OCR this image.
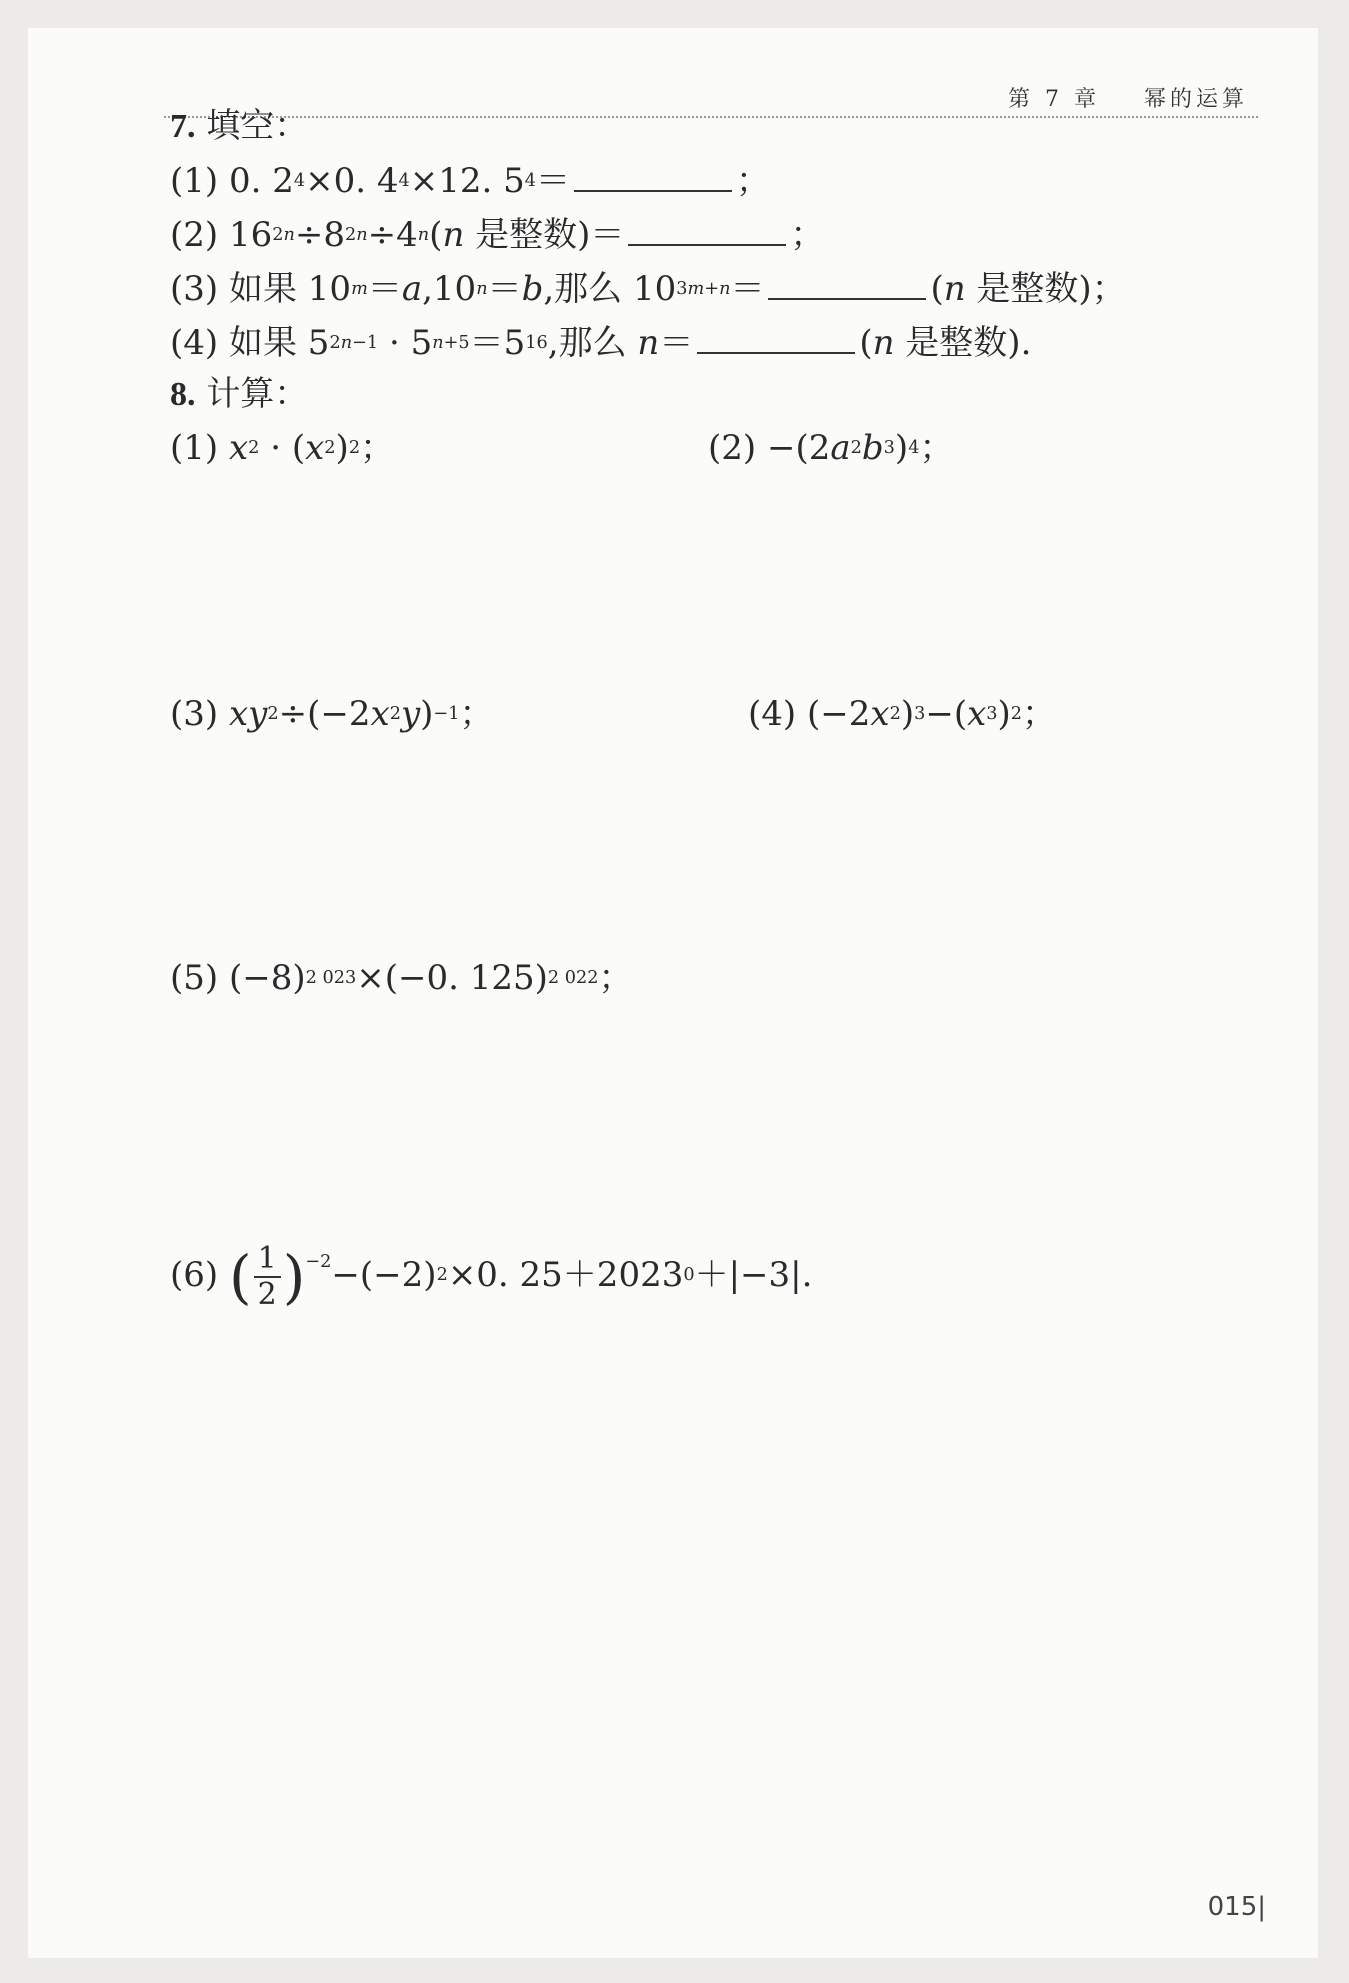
第 7 章 幂的运算
7. 填空：
(1) 0. $2^4\times 0$. $4^4\times 12$. $5^4=$	；
(2) $16^{2n}\div 8^{2n}\div 4^n(n$ 是整数)＝	；
(3) 如果 $10^m=a,10^n=b$,那么 $10^{3m+n}=$	(n 是整数)；
(4) 如果 $5^{2n-1} \cdot 5^{n+5}=5^{16}$,那么 n＝	(n 是整数).
8. 计算：
(1) $x^2 \cdot (x^2)^2$；	$(2) -(2a^2b^3)^4$；
(3) $xy^2\div(-2x^2y)^{-1}$；	(4) $(-2x^2)^3-(x^3)^2$；
(5) $(-8)^{2 023}\times(-0$. 125)$^{2 022}$；
(6) ( $\frac{1}{2} )^{-2}-(-2)^2\times 0$. $25+2023^0+|-3|$.
015|
